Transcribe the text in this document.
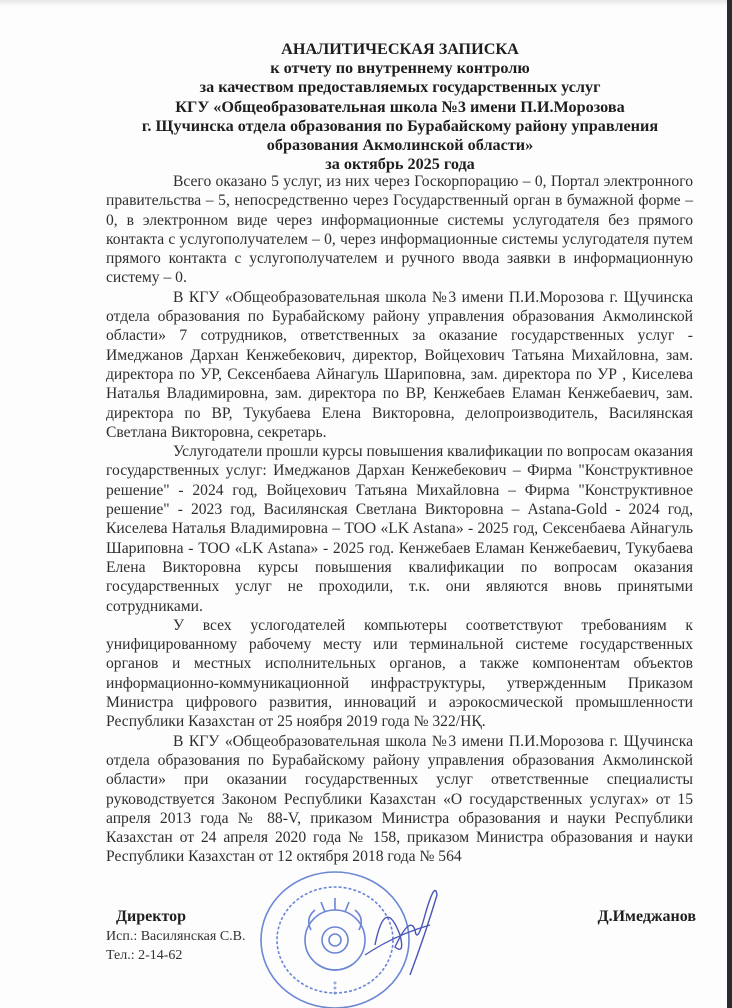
АНАЛИТИЧЕСКАЯ ЗАПИСКА
к отчету по внутреннему контролю
за качеством предоставляемых государственных услуг
КГУ «Общеобразовательная школа №3 имени П.И.Морозова
г. Щучинска отдела образования по Бурабайскому району управления
образования Акмолинской области»
за октябрь 2025 года

Всего оказано 5 услуг, из них через Госкорпорацию – 0, Портал электронного правительства – 5, непосредственно через Государственный орган в бумажной форме – 0, в электронном виде через информационные системы услугодателя без прямого контакта с услугополучателем – 0, через информационные системы услугодателя путем прямого контакта с услугополучателем и ручного ввода заявки в информационную систему – 0.

В КГУ «Общеобразовательная школа №3 имени П.И.Морозова г. Щучинска отдела образования по Бурабайскому району управления образования Акмолинской области» 7 сотрудников, ответственных за оказание государственных услуг - Имеджанов Дархан Кенжебекович, директор, Войцехович Татьяна Михайловна, зам. директора по УР, Сексенбаева Айнагуль Шариповна, зам. директора по УР , Киселева Наталья Владимировна, зам. директора по ВР, Кенжебаев Еламан Кенжебаевич, зам. директора по ВР, Тукубаева Елена Викторовна, делопроизводитель, Василянская Светлана Викторовна, секретарь.

Услугодатели прошли курсы повышения квалификации по вопросам оказания государственных услуг: Имеджанов Дархан Кенжебекович – Фирма "Конструктивное решение" - 2024 год, Войцехович Татьяна Михайловна – Фирма "Конструктивное решение" - 2023 год, Василянская Светлана Викторовна – Astana-Gold - 2024 год, Киселева Наталья Владимировна – ТОО «LK Astana» - 2025 год, Сексенбаева Айнагуль Шариповна - ТОО «LK Astana» - 2025 год. Кенжебаев Еламан Кенжебаевич, Тукубаева Елена Викторовна курсы повышения квалификации по вопросам оказания государственных услуг не проходили, т.к. они являются вновь принятыми сотрудниками.

У всех услогодателей компьютеры соответствуют требованиям к унифицированному рабочему месту или терминальной системе государственных органов и местных исполнительных органов, а также компонентам объектов информационно-коммуникационной инфраструктуры, утвержденным Приказом Министра цифрового развития, инноваций и аэрокосмической промышленности Республики Казахстан от 25 ноября 2019 года № 322/НҚ.

В КГУ «Общеобразовательная школа №3 имени П.И.Морозова г. Щучинска отдела образования по Бурабайскому району управления образования Акмолинской области» при оказании государственных услуг ответственные специалисты руководствуется Законом Республики Казахстан «О государственных услугах» от 15 апреля 2013 года № 88-V, приказом Министра образования и науки Республики Казахстан от 24 апреля 2020 года № 158, приказом Министра образования и науки Республики Казахстан от 12 октября 2018 года № 564

Директор	Д.Имеджанов
Исп.: Василянская С.В.
Тел.: 2-14-62
